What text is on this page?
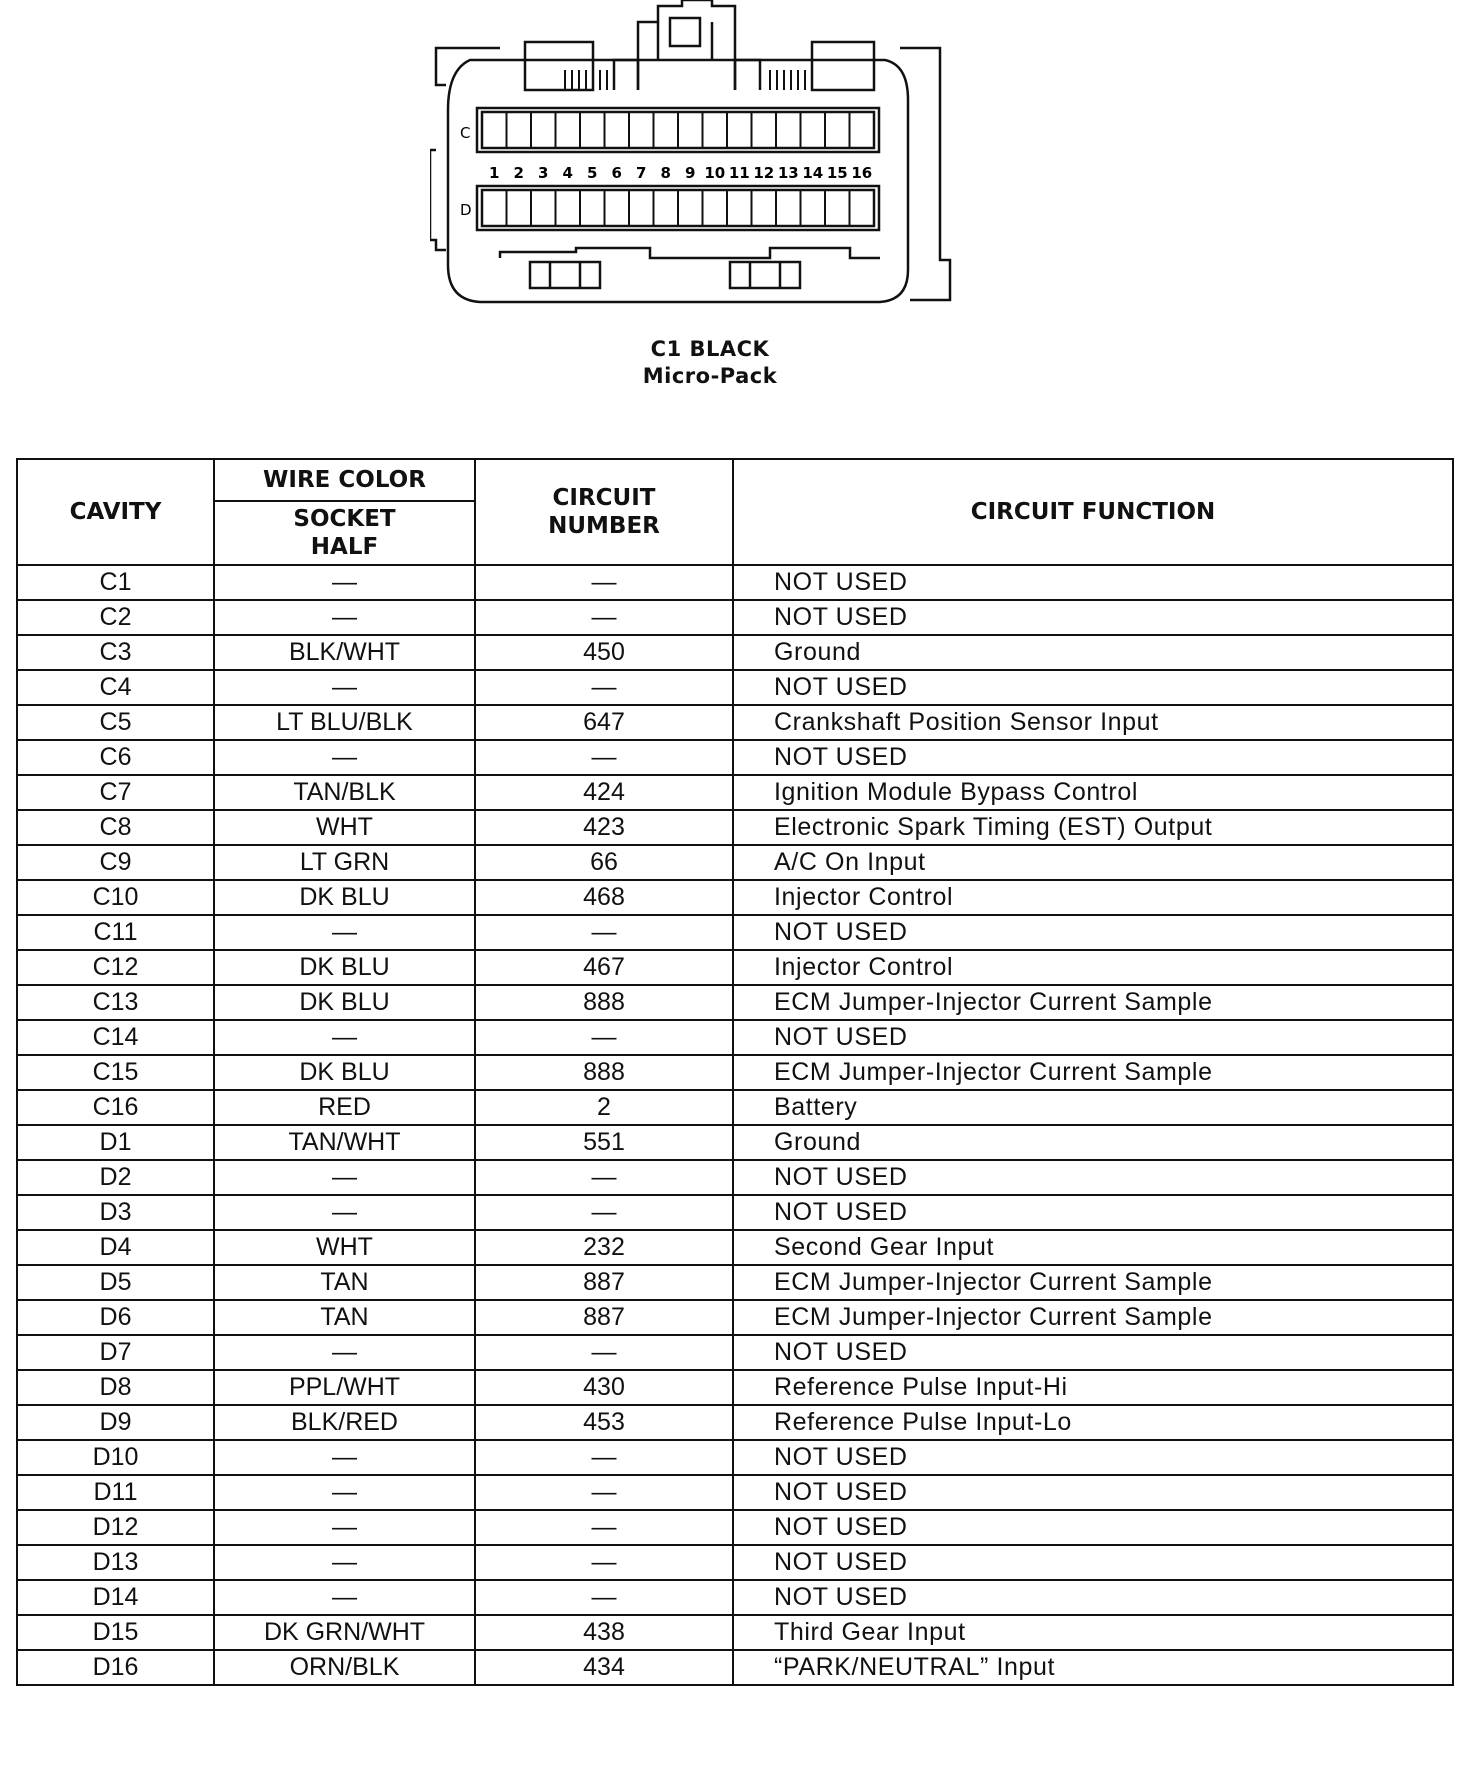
C
D
1 2 3 4 5 6 7 8 9 10 11 12 13 14 15 16
C1 BLACK
Micro-Pack
CAVITY	WIRE COLOR	CIRCUIT NUMBER	CIRCUIT FUNCTION
	SOCKET HALF		
C1	—	—	NOT USED
C2	—	—	NOT USED
C3	BLK/WHT	450	Ground
C4	—	—	NOT USED
C5	LT BLU/BLK	647	Crankshaft Position Sensor Input
C6	—	—	NOT USED
C7	TAN/BLK	424	Ignition Module Bypass Control
C8	WHT	423	Electronic Spark Timing (EST) Output
C9	LT GRN	66	A/C On Input
C10	DK BLU	468	Injector Control
C11	—	—	NOT USED
C12	DK BLU	467	Injector Control
C13	DK BLU	888	ECM Jumper-Injector Current Sample
C14	—	—	NOT USED
C15	DK BLU	888	ECM Jumper-Injector Current Sample
C16	RED	2	Battery
D1	TAN/WHT	551	Ground
D2	—	—	NOT USED
D3	—	—	NOT USED
D4	WHT	232	Second Gear Input
D5	TAN	887	ECM Jumper-Injector Current Sample
D6	TAN	887	ECM Jumper-Injector Current Sample
D7	—	—	NOT USED
D8	PPL/WHT	430	Reference Pulse Input-Hi
D9	BLK/RED	453	Reference Pulse Input-Lo
D10	—	—	NOT USED
D11	—	—	NOT USED
D12	—	—	NOT USED
D13	—	—	NOT USED
D14	—	—	NOT USED
D15	DK GRN/WHT	438	Third Gear Input
D16	ORN/BLK	434	“PARK/NEUTRAL” Input
